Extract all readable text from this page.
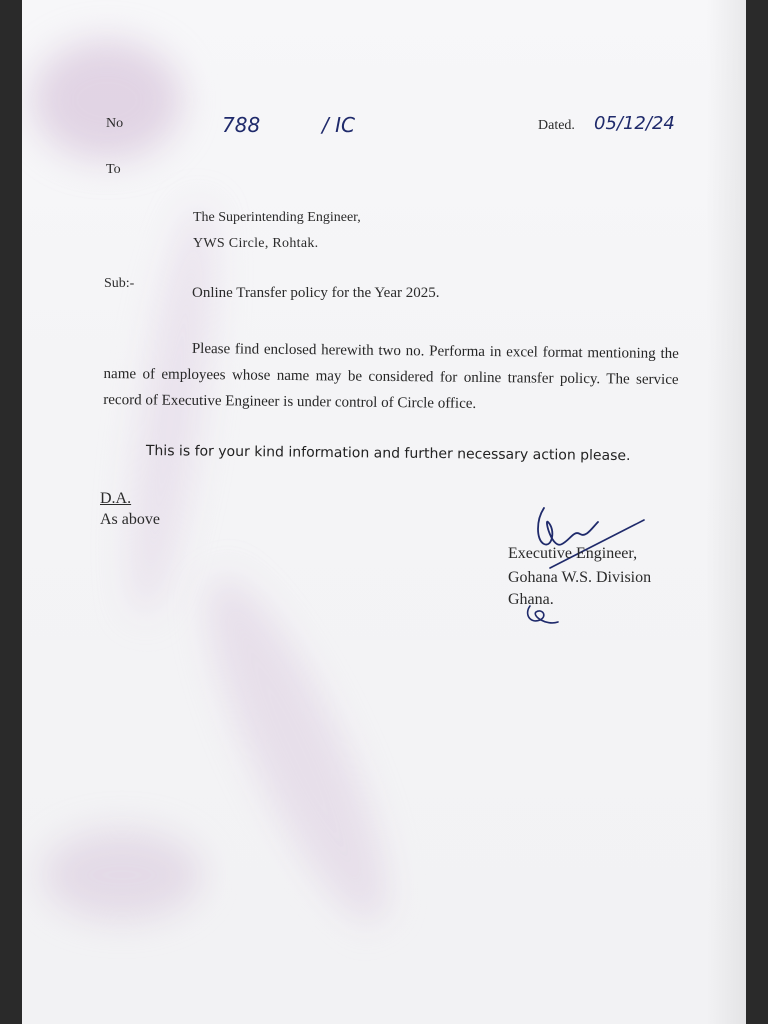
No	788	/ IC	Dated. 05/12/24
To
The Superintending Engineer,
YWS Circle, Rohtak.
Sub:-
Online Transfer policy for the Year 2025.
Please find enclosed herewith two no. Performa in excel format mentioning the name of employees whose name may be considered for online transfer policy. The service record of Executive Engineer is under control of Circle office.
This is for your kind information and further necessary action please.
D.A.
As above
Executive Engineer,
Gohana W.S. Division
Ghana.
